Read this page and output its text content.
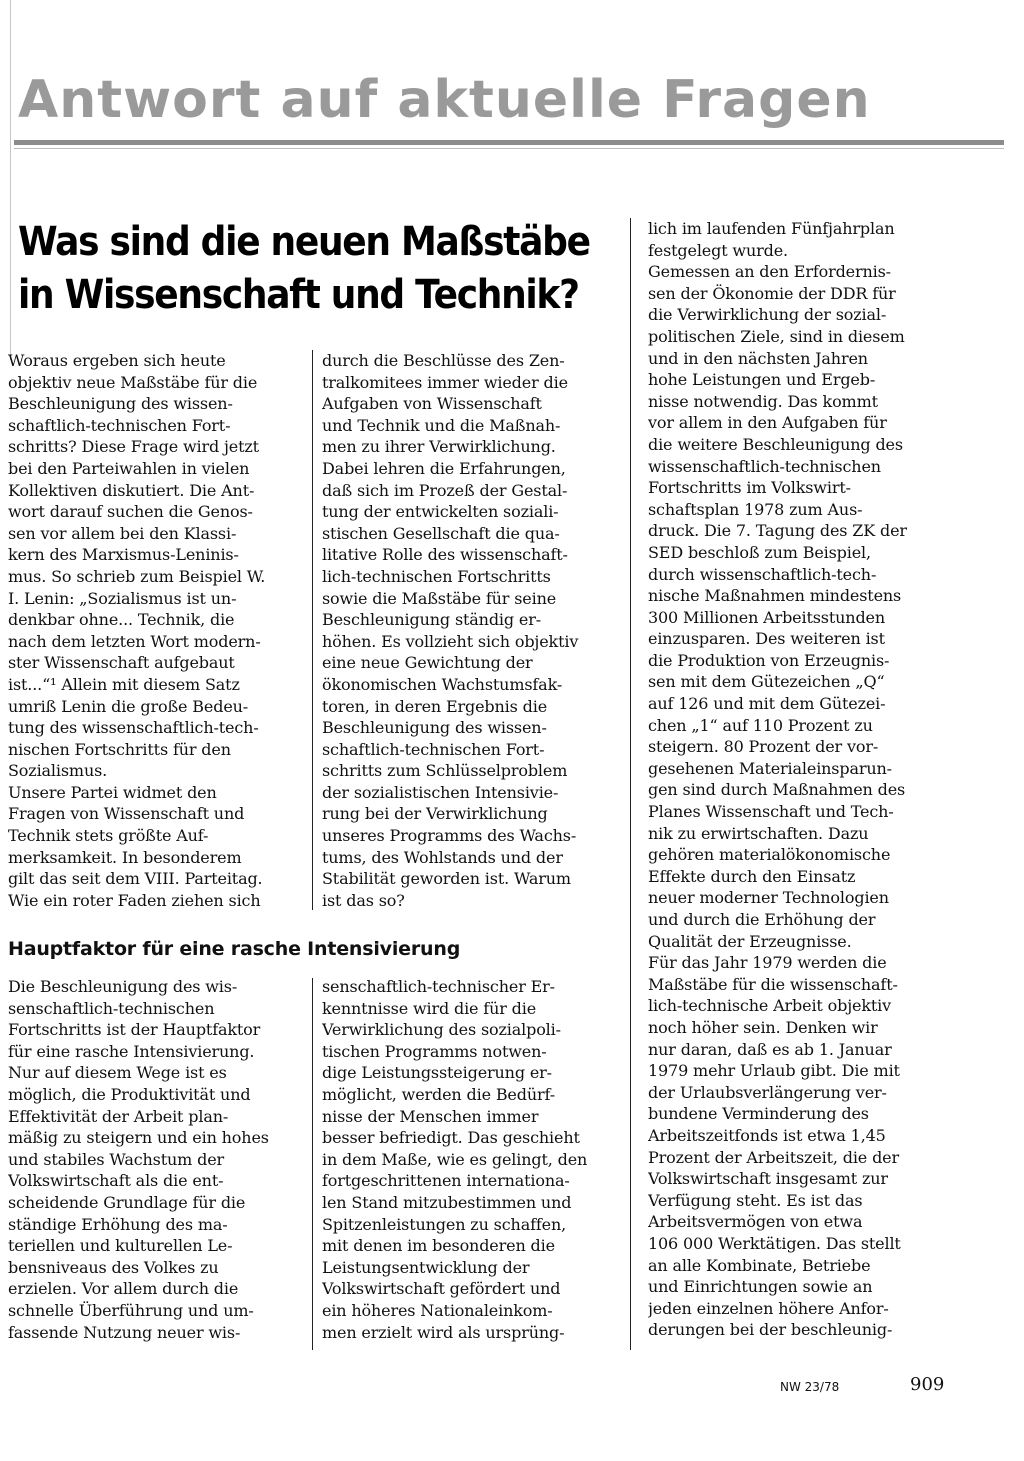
Antwort auf aktuelle Fragen
Was sind die neuen Maßstäbe
in Wissenschaft und Technik?
Woraus ergeben sich heute
objektiv neue Maßstäbe für die
Beschleunigung des wissen-
schaftlich-technischen Fort-
schritts? Diese Frage wird jetzt
bei den Parteiwahlen in vielen
Kollektiven diskutiert. Die Ant-
wort darauf suchen die Genos-
sen vor allem bei den Klassi-
kern des Marxismus-Leninis-
mus. So schrieb zum Beispiel W.
I. Lenin: „Sozialismus ist un-
denkbar ohne... Technik, die
nach dem letzten Wort modern-
ster Wissenschaft aufgebaut
ist...“¹ Allein mit diesem Satz
umriß Lenin die große Bedeu-
tung des wissenschaftlich-tech-
nischen Fortschritts für den
Sozialismus.
Unsere Partei widmet den
Fragen von Wissenschaft und
Technik stets größte Auf-
merksamkeit. In besonderem
gilt das seit dem VIII. Parteitag.
Wie ein roter Faden ziehen sich
durch die Beschlüsse des Zen-
tralkomitees immer wieder die
Aufgaben von Wissenschaft
und Technik und die Maßnah-
men zu ihrer Verwirklichung.
Dabei lehren die Erfahrungen,
daß sich im Prozeß der Gestal-
tung der entwickelten soziali-
stischen Gesellschaft die qua-
litative Rolle des wissenschaft-
lich-technischen Fortschritts
sowie die Maßstäbe für seine
Beschleunigung ständig er-
höhen. Es vollzieht sich objektiv
eine neue Gewichtung der
ökonomischen Wachstumsfak-
toren, in deren Ergebnis die
Beschleunigung des wissen-
schaftlich-technischen Fort-
schritts zum Schlüsselproblem
der sozialistischen Intensivie-
rung bei der Verwirklichung
unseres Programms des Wachs-
tums, des Wohlstands und der
Stabilität geworden ist. Warum
ist das so?
Hauptfaktor für eine rasche Intensivierung
Die Beschleunigung des wis-
senschaftlich-technischen
Fortschritts ist der Hauptfaktor
für eine rasche Intensivierung.
Nur auf diesem Wege ist es
möglich, die Produktivität und
Effektivität der Arbeit plan-
mäßig zu steigern und ein hohes
und stabiles Wachstum der
Volkswirtschaft als die ent-
scheidende Grundlage für die
ständige Erhöhung des ma-
teriellen und kulturellen Le-
bensniveaus des Volkes zu
erzielen. Vor allem durch die
schnelle Überführung und um-
fassende Nutzung neuer wis-
senschaftlich-technischer Er-
kenntnisse wird die für die
Verwirklichung des sozialpoli-
tischen Programms notwen-
dige Leistungssteigerung er-
möglicht, werden die Bedürf-
nisse der Menschen immer
besser befriedigt. Das geschieht
in dem Maße, wie es gelingt, den
fortgeschrittenen internationa-
len Stand mitzubestimmen und
Spitzenleistungen zu schaffen,
mit denen im besonderen die
Leistungsentwicklung der
Volkswirtschaft gefördert und
ein höheres Nationaleinkom-
men erzielt wird als ursprüng-
lich im laufenden Fünfjahrplan
festgelegt wurde.
Gemessen an den Erfordernis-
sen der Ökonomie der DDR für
die Verwirklichung der sozial-
politischen Ziele, sind in diesem
und in den nächsten Jahren
hohe Leistungen und Ergeb-
nisse notwendig. Das kommt
vor allem in den Aufgaben für
die weitere Beschleunigung des
wissenschaftlich-technischen
Fortschritts im Volkswirt-
schaftsplan 1978 zum Aus-
druck. Die 7. Tagung des ZK der
SED beschloß zum Beispiel,
durch wissenschaftlich-tech-
nische Maßnahmen mindestens
300 Millionen Arbeitsstunden
einzusparen. Des weiteren ist
die Produktion von Erzeugnis-
sen mit dem Gütezeichen „Q“
auf 126 und mit dem Gütezei-
chen „1“ auf 110 Prozent zu
steigern. 80 Prozent der vor-
gesehenen Materialeinsparun-
gen sind durch Maßnahmen des
Planes Wissenschaft und Tech-
nik zu erwirtschaften. Dazu
gehören materialökonomische
Effekte durch den Einsatz
neuer moderner Technologien
und durch die Erhöhung der
Qualität der Erzeugnisse.
Für das Jahr 1979 werden die
Maßstäbe für die wissenschaft-
lich-technische Arbeit objektiv
noch höher sein. Denken wir
nur daran, daß es ab 1. Januar
1979 mehr Urlaub gibt. Die mit
der Urlaubsverlängerung ver-
bundene Verminderung des
Arbeitszeitfonds ist etwa 1,45
Prozent der Arbeitszeit, die der
Volkswirtschaft insgesamt zur
Verfügung steht. Es ist das
Arbeitsvermögen von etwa
106 000 Werktätigen. Das stellt
an alle Kombinate, Betriebe
und Einrichtungen sowie an
jeden einzelnen höhere Anfor-
derungen bei der beschleunig-
NW 23/78	909
